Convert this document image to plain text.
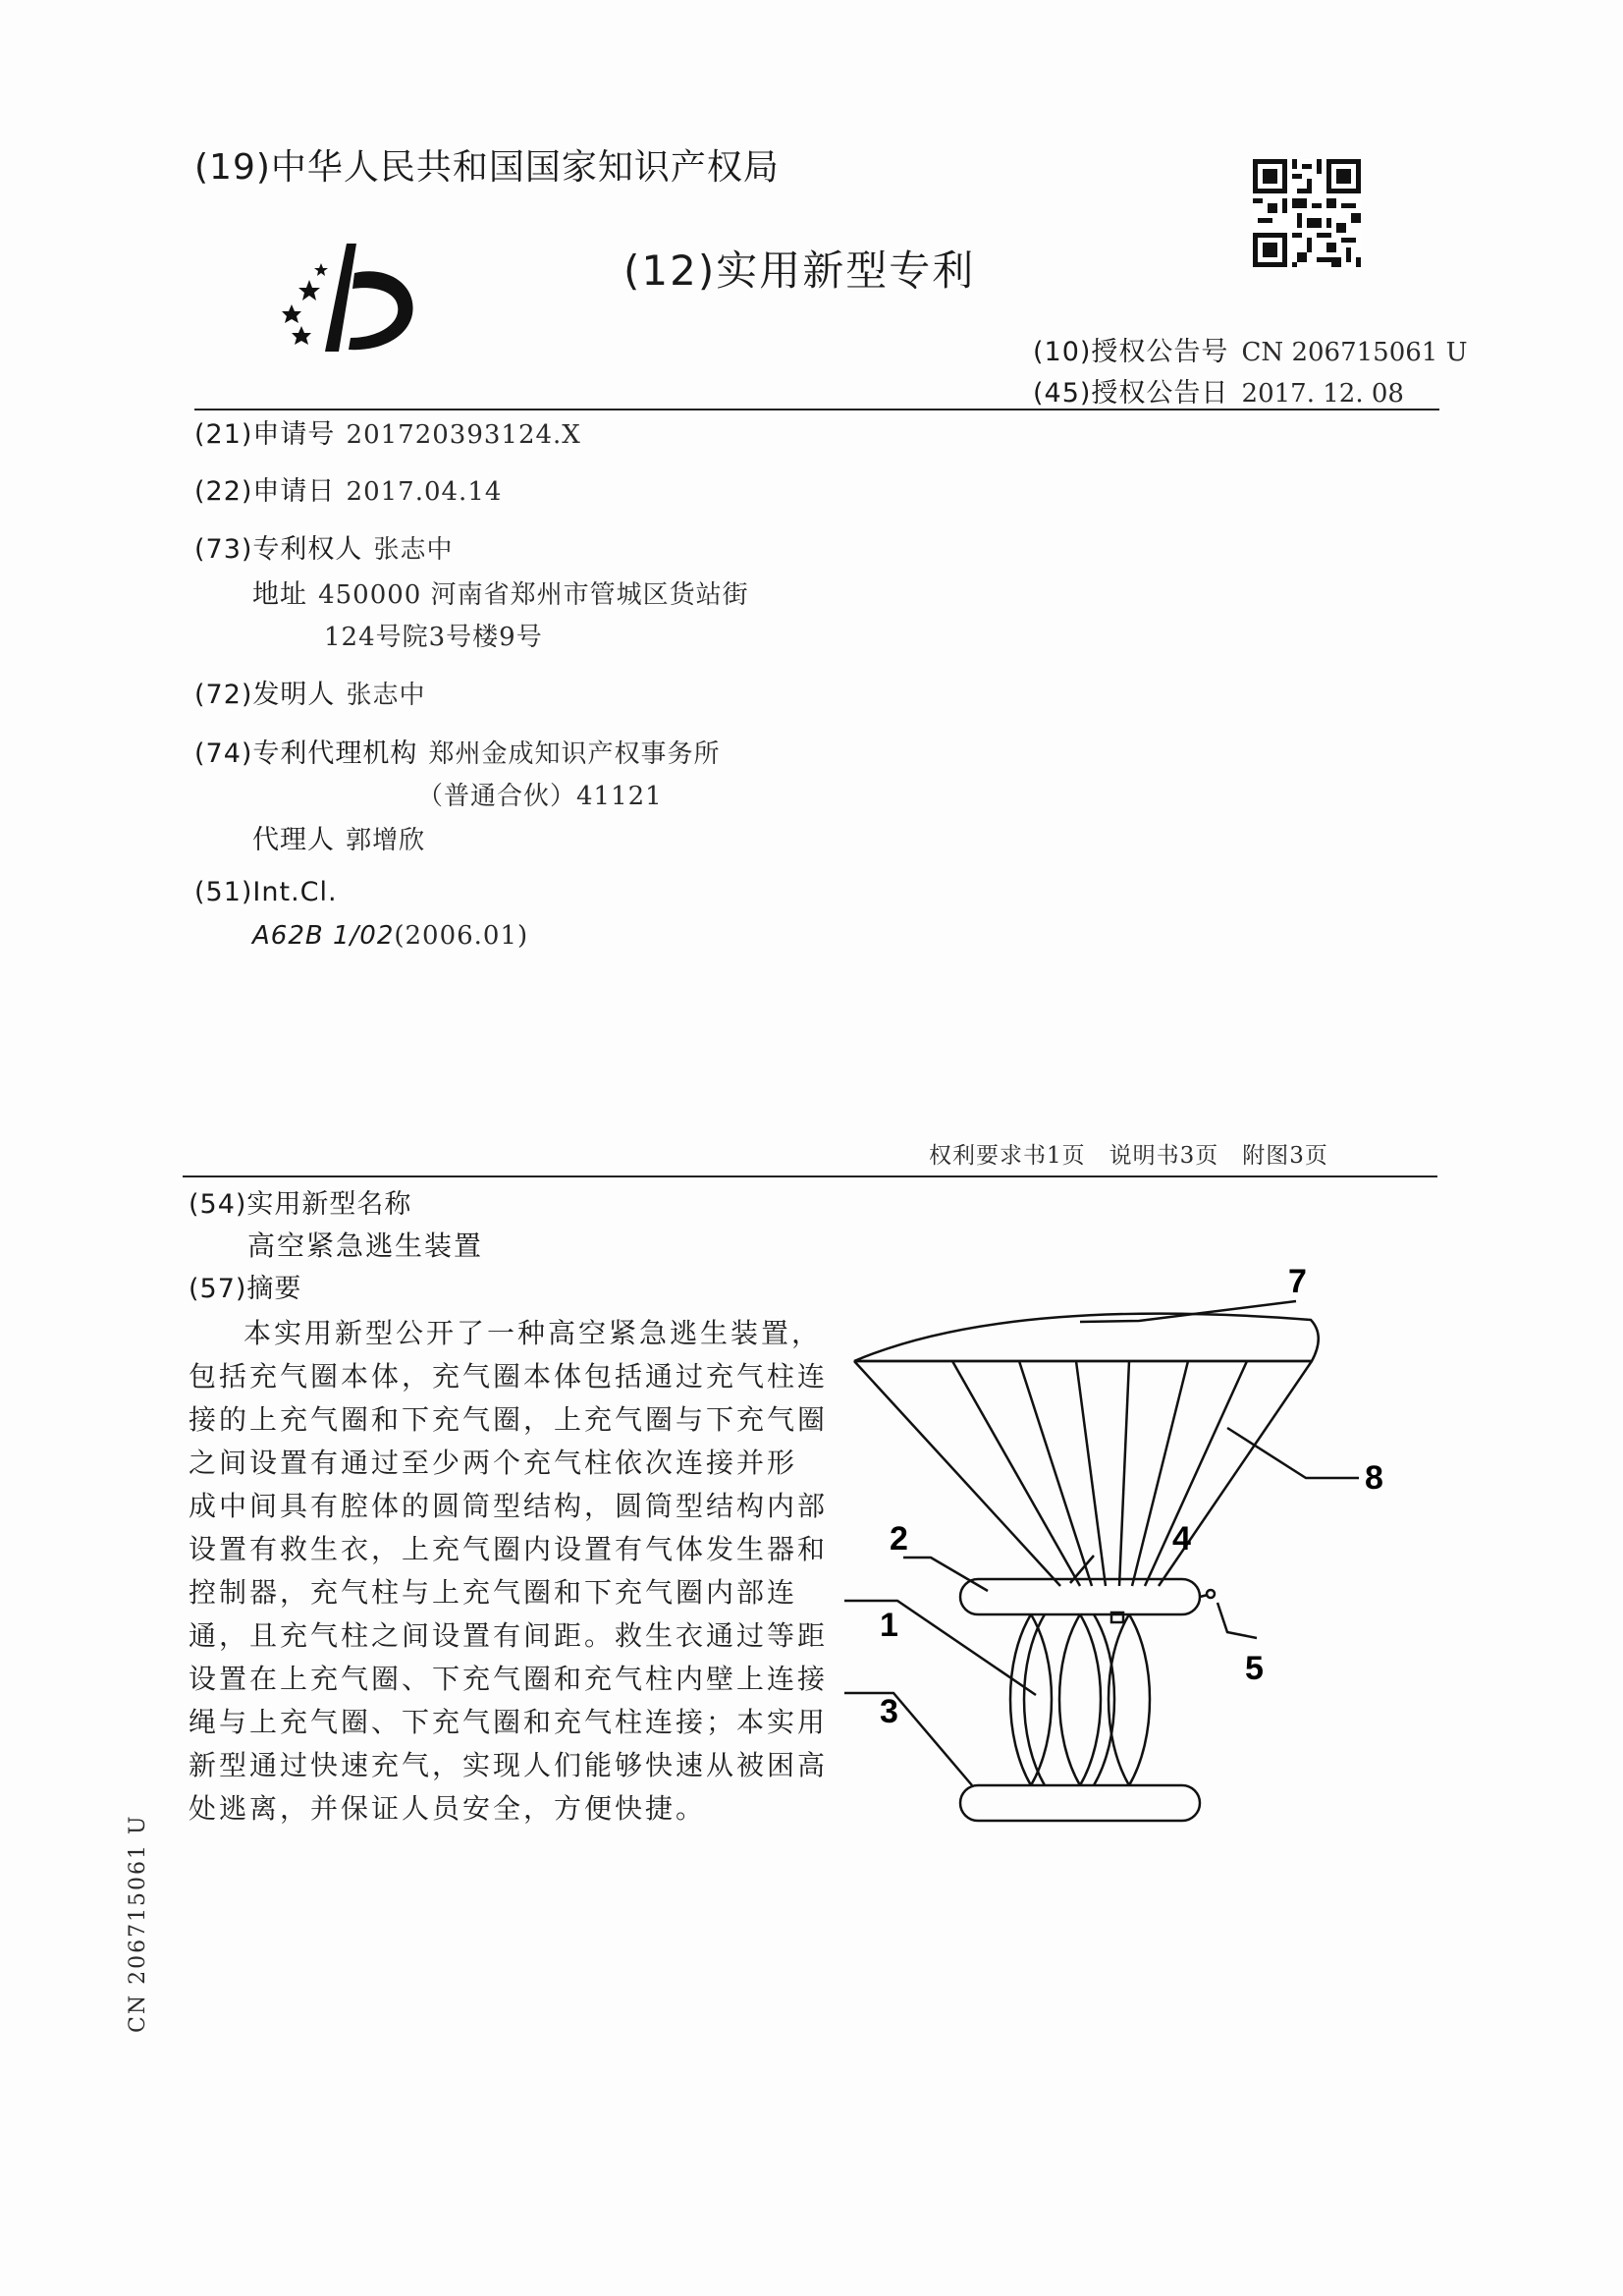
(19)中华人民共和国国家知识产权局
(12)实用新型专利
(10)授权公告号 CN 206715061 U
(45)授权公告日 2017. 12. 08
(21)申请号 201720393124.X
(22)申请日 2017.04.14
(73)专利权人 张志中
地址 450000 河南省郑州市管城区货站街
124号院3号楼9号
(72)发明人 张志中
(74)专利代理机构 郑州金成知识产权事务所
（普通合伙）41121
代理人 郭增欣
(51)Int.Cl.
A62B 1/02(2006.01)
权利要求书1页　说明书3页　附图3页
(54)实用新型名称
高空紧急逃生装置
(57)摘要
本实用新型公开了一种高空紧急逃生装置，
包括充气圈本体，充气圈本体包括通过充气柱连
接的上充气圈和下充气圈，上充气圈与下充气圈
之间设置有通过至少两个充气柱依次连接并形
成中间具有腔体的圆筒型结构，圆筒型结构内部
设置有救生衣，上充气圈内设置有气体发生器和
控制器，充气柱与上充气圈和下充气圈内部连
通，且充气柱之间设置有间距。救生衣通过等距
设置在上充气圈、下充气圈和充气柱内壁上连接
绳与上充气圈、下充气圈和充气柱连接；本实用
新型通过快速充气，实现人们能够快速从被困高
处逃离，并保证人员安全，方便快捷。
7
8
2	4
5
1
3
CN 206715061 U
